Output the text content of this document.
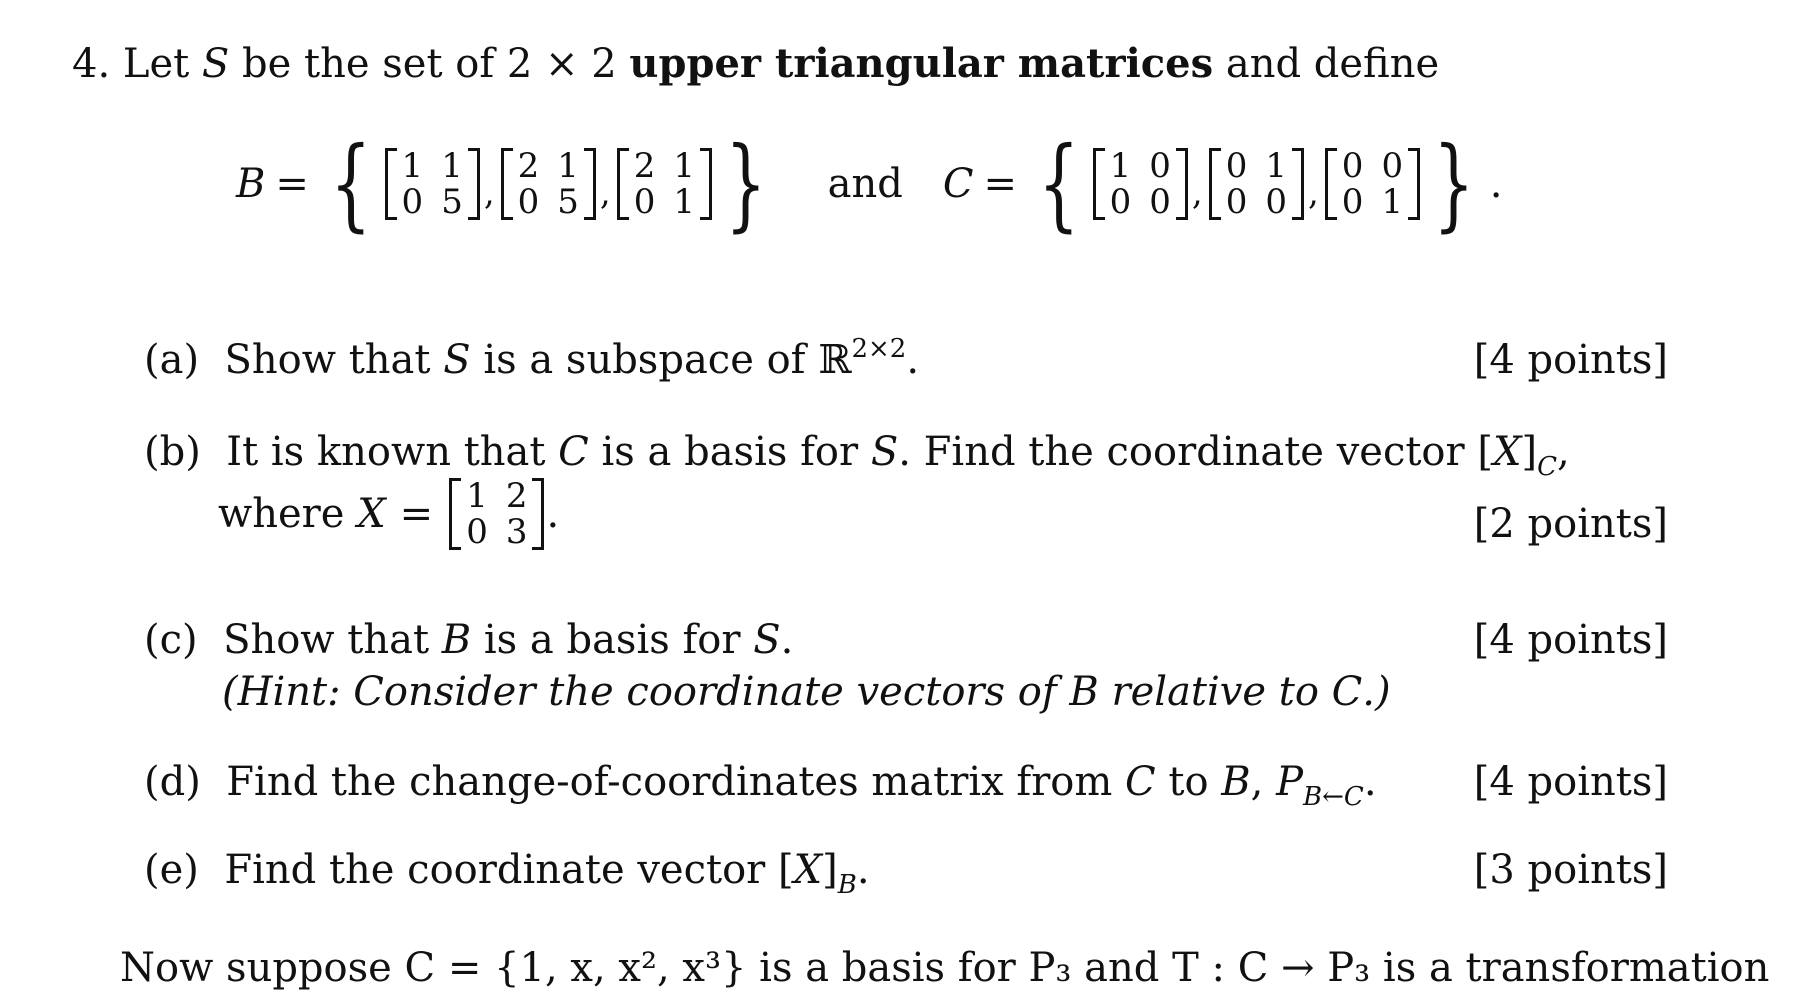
4. Let S be the set of 2 × 2 upper triangular matrices and define
B = { 1	1
0	5 ,
2	1
0	5 ,
2	1
0	1 } and C = { 1	0
0	0 ,
0	1
0	0 ,
0	0
0	1 } .
(a) Show that S is a subspace of ℝ$^{2\times 2}$.	[4 points]
(b) It is known that C is a basis for S. Find the coordinate vector $[X]_C$,
where
X = 1	2
0	3 .	[2 points]
(c) Show that B is a basis for S.
(Hint: Consider the coordinate vectors of B relative to C.)
[4 points]
(d) Find the change-of-coordinates matrix from C to B, $P_{B\leftarrow C}$. [4 points]
(e) Find the coordinate vector $[X]_B$.	[3 points]
Now suppose C = {1, x, x², x³} is a basis for P₃ and T : C → P₃ is a transformation
